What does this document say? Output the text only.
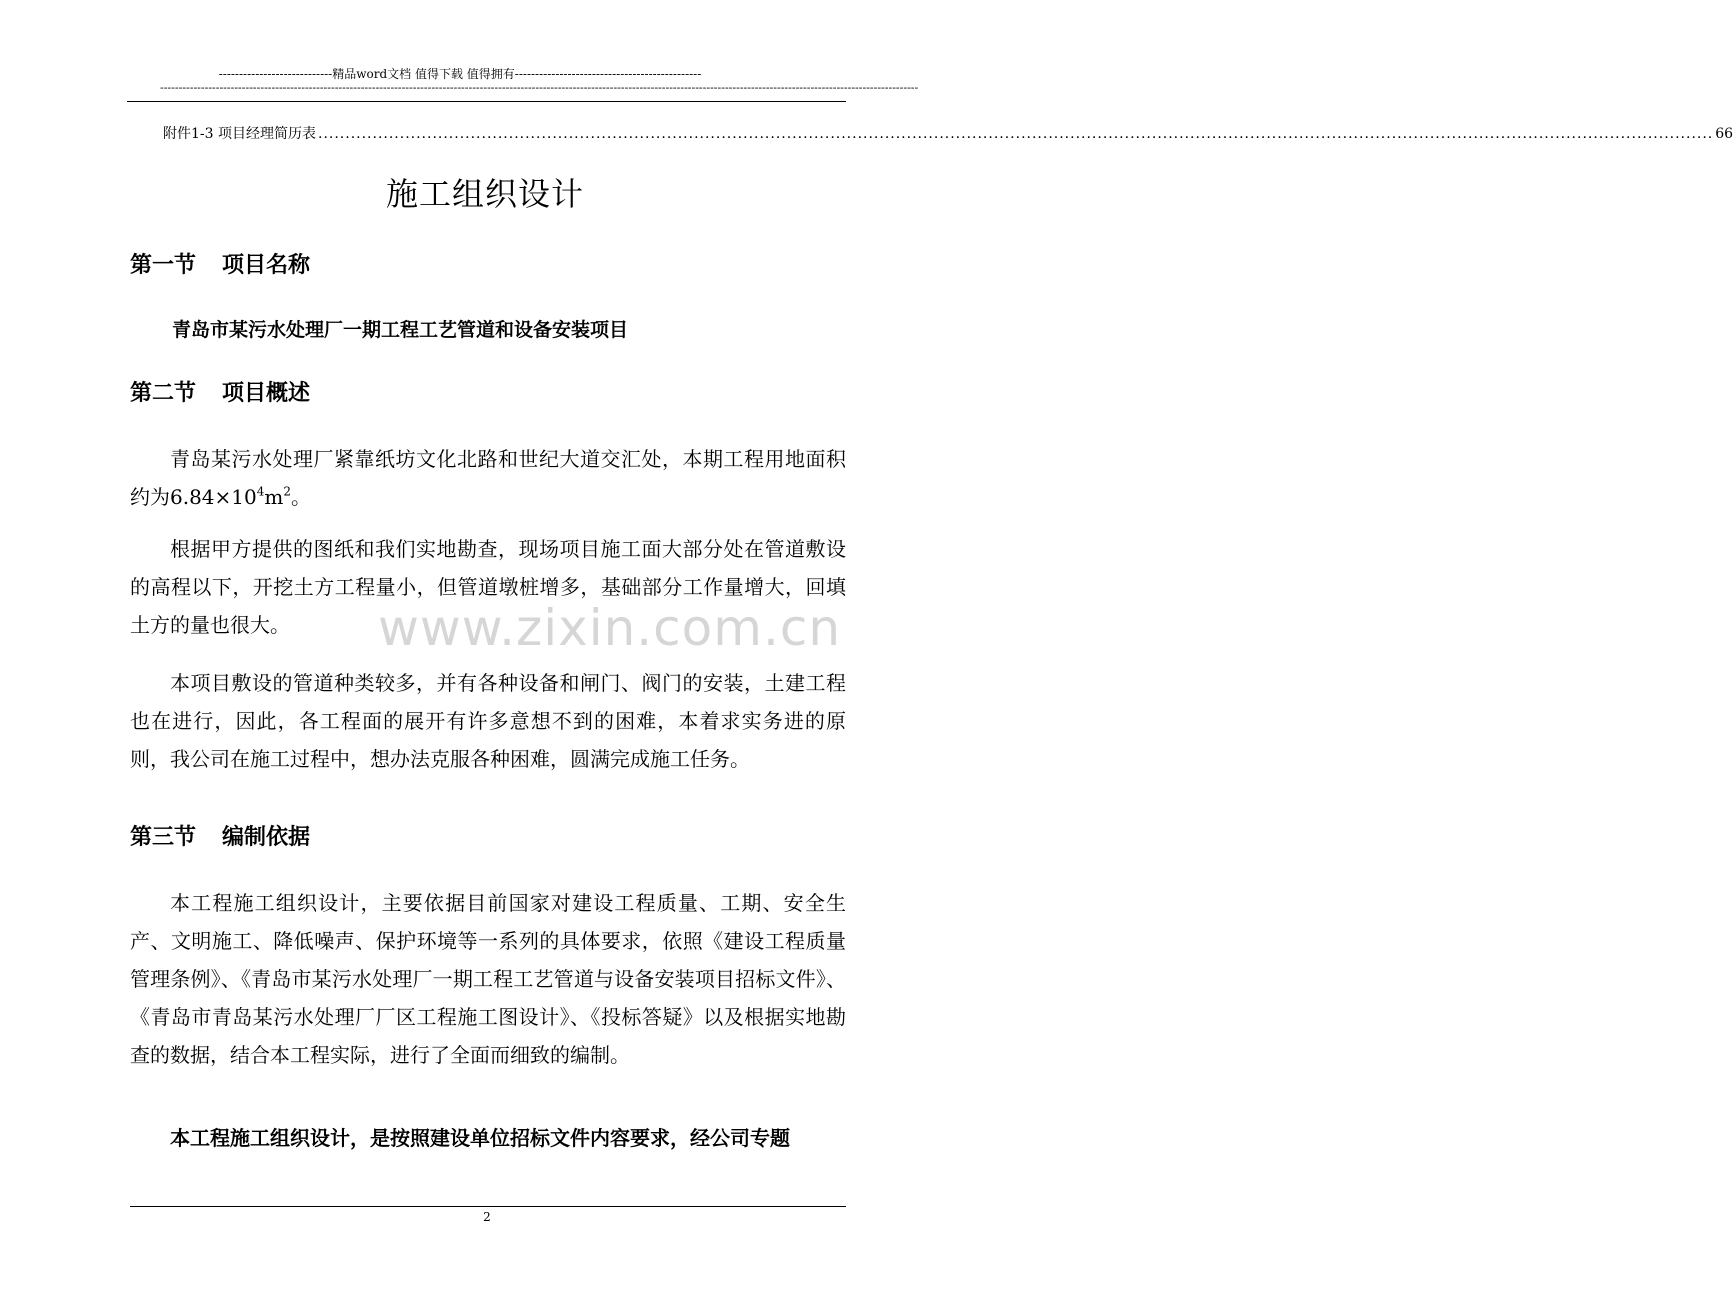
----------------------------精品word文档 值得下载 值得拥有----------------------------------------------
------------------------------------------------------------------------------------------------------------------------------------------------------------------------------------------------------------
附件1-3 项目经理简历表 .....	66
施工组织设计
第一节 项目名称
青岛市某污水处理厂一期工程工艺管道和设备安装项目
第二节 项目概述

青岛某污水处理厂紧靠纸坊文化北路和世纪大道交汇处，本期工程用地面积约为$6.84\times 10^4m^2$。

根据甲方提供的图纸和我们实地勘查，现场项目施工面大部分处在管道敷设的高程以下，开挖土方工程量小，但管道墩桩增多，基础部分工作量增大，回填土方的量也很大。

本项目敷设的管道种类较多，并有各种设备和闸门、阀门的安装，土建工程也在进行，因此，各工程面的展开有许多意想不到的困难，本着求实务进的原则，我公司在施工过程中，想办法克服各种困难，圆满完成施工任务。

第三节 编制依据

本工程施工组织设计，主要依据目前国家对建设工程质量、工期、安全生产、文明施工、降低噪声、保护环境等一系列的具体要求，依照《建设工程质量管理条例》、《青岛市某污水处理厂一期工程工艺管道与设备安装项目招标文件》、《青岛市青岛某污水处理厂厂区工程施工图设计》、《投标答疑》以及根据实地勘查的数据，结合本工程实际，进行了全面而细致的编制。

本工程施工组织设计，是按照建设单位招标文件内容要求，经公司专题

www.zixin.com.cn
2
